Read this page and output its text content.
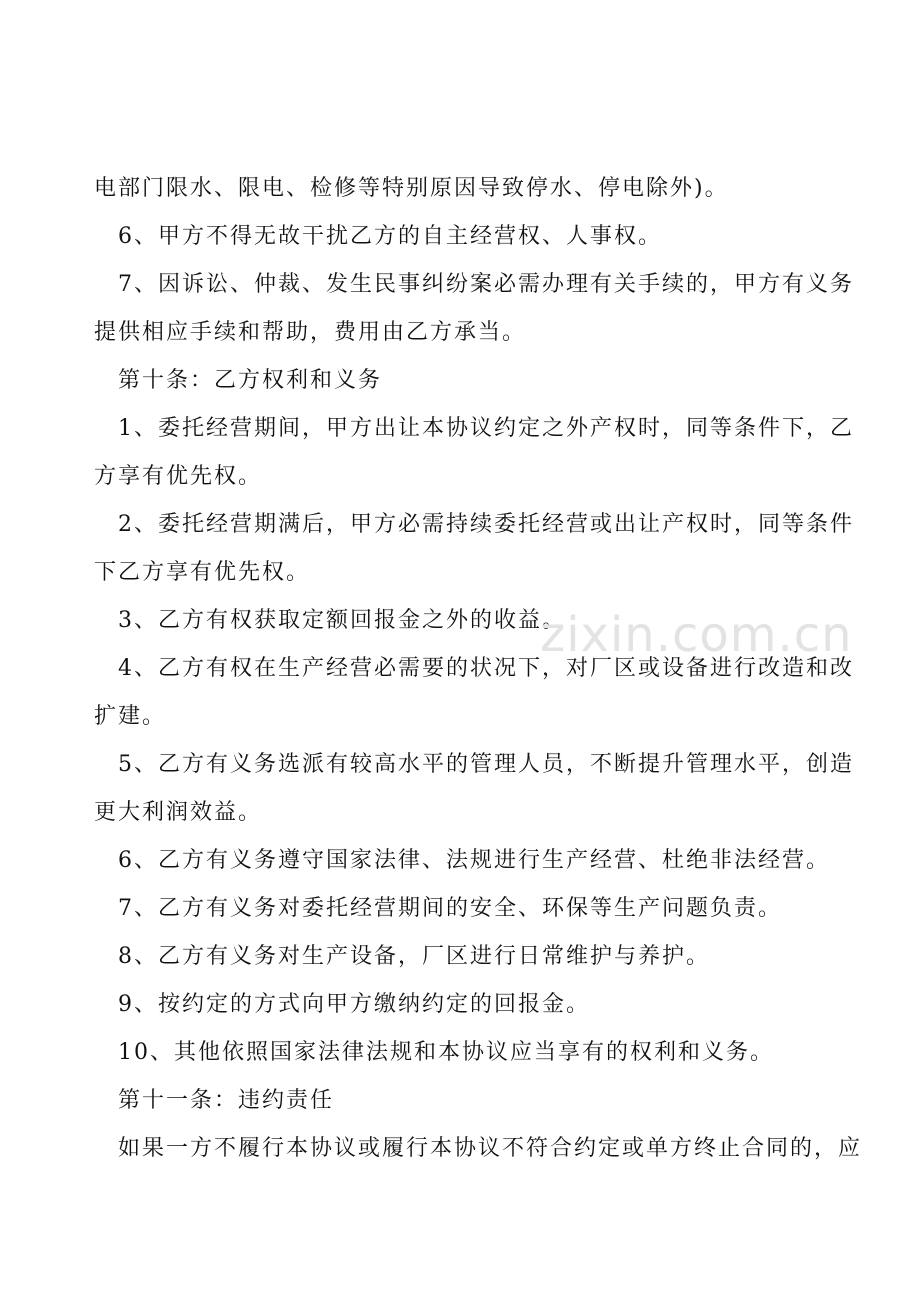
电部门限水、限电、检修等特别原因导致停水、停电除外)。
6、甲方不得无故干扰乙方的自主经营权、人事权。
7、因诉讼、仲裁、发生民事纠纷案必需办理有关手续的，甲方有义务
提供相应手续和帮助，费用由乙方承当。
第十条：乙方权利和义务
1、委托经营期间，甲方出让本协议约定之外产权时，同等条件下，乙
方享有优先权。
2、委托经营期满后，甲方必需持续委托经营或出让产权时，同等条件
下乙方享有优先权。
3、乙方有权获取定额回报金之外的收益。
4、乙方有权在生产经营必需要的状况下，对厂区或设备进行改造和改
扩建。
5、乙方有义务选派有较高水平的管理人员，不断提升管理水平，创造
更大利润效益。
6、乙方有义务遵守国家法律、法规进行生产经营、杜绝非法经营。
7、乙方有义务对委托经营期间的安全、环保等生产问题负责。
8、乙方有义务对生产设备，厂区进行日常维护与养护。
9、按约定的方式向甲方缴纳约定的回报金。
10、其他依照国家法律法规和本协议应当享有的权利和义务。
第十一条：违约责任
如果一方不履行本协议或履行本协议不符合约定或单方终止合同的，应
zixin.com.cn
